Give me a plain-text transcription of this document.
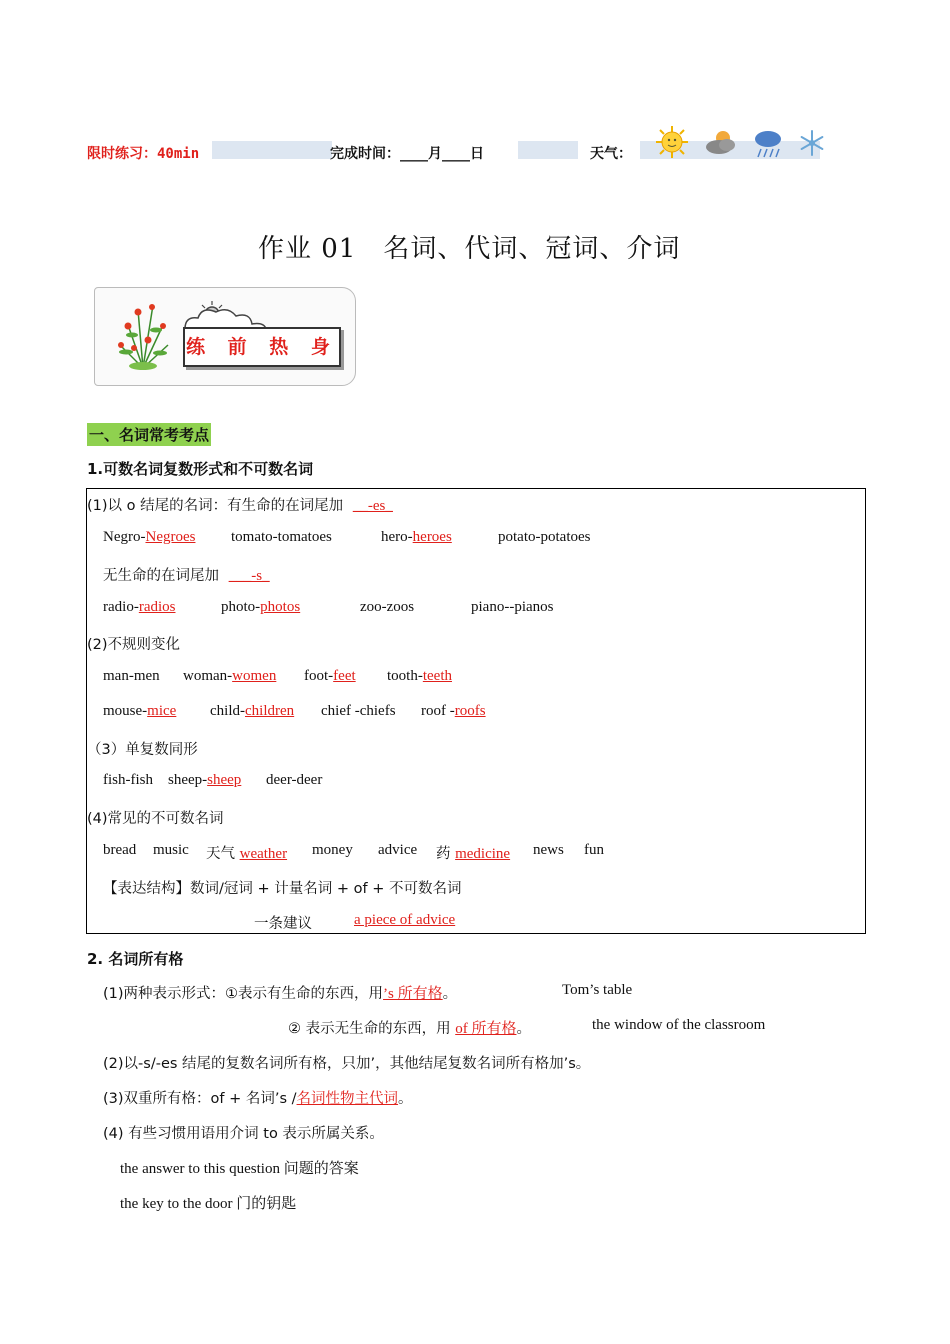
限时练习：40min	完成时间：____月____日	天气：
作业 01　名词、代词、冠词、介词
练 前 热 身
一、名词常考考点
1.可数名词复数形式和不可数名词
(1)以 o 结尾的名词：有生命的在词尾加 __-es_
Negro-Negroes tomato-tomatoes	hero-heroes	potato-potatoes
无生命的在词尾加 ___-s_
radio-radios	photo-photos	zoo-zoos	piano--pianos
(2)不规则变化
man-men woman-women foot-feet tooth-teeth
mouse-mice child-children chief -chiefs roof -roofs
（3）单复数同形
fish-fish sheep-sheep deer-deer
(4)常见的不可数名词
bread music 天气 weather money advice 药 medicine news fun
【表达结构】数词/冠词 + 计量名词 + of + 不可数名词
一条建议	a piece of advice
2. 名词所有格
(1)两种表示形式：①表示有生命的东西，用’s 所有格。	Tom’s table
② 表示无生命的东西，用 of 所有格。	the window of the classroom
(2)以-s/-es 结尾的复数名词所有格，只加’，其他结尾复数名词所有格加’s。
(3)双重所有格：of + 名词’s /名词性物主代词。
(4) 有些习惯用语用介词 to 表示所属关系。
the answer to this question 问题的答案
the key to the door 门的钥匙
